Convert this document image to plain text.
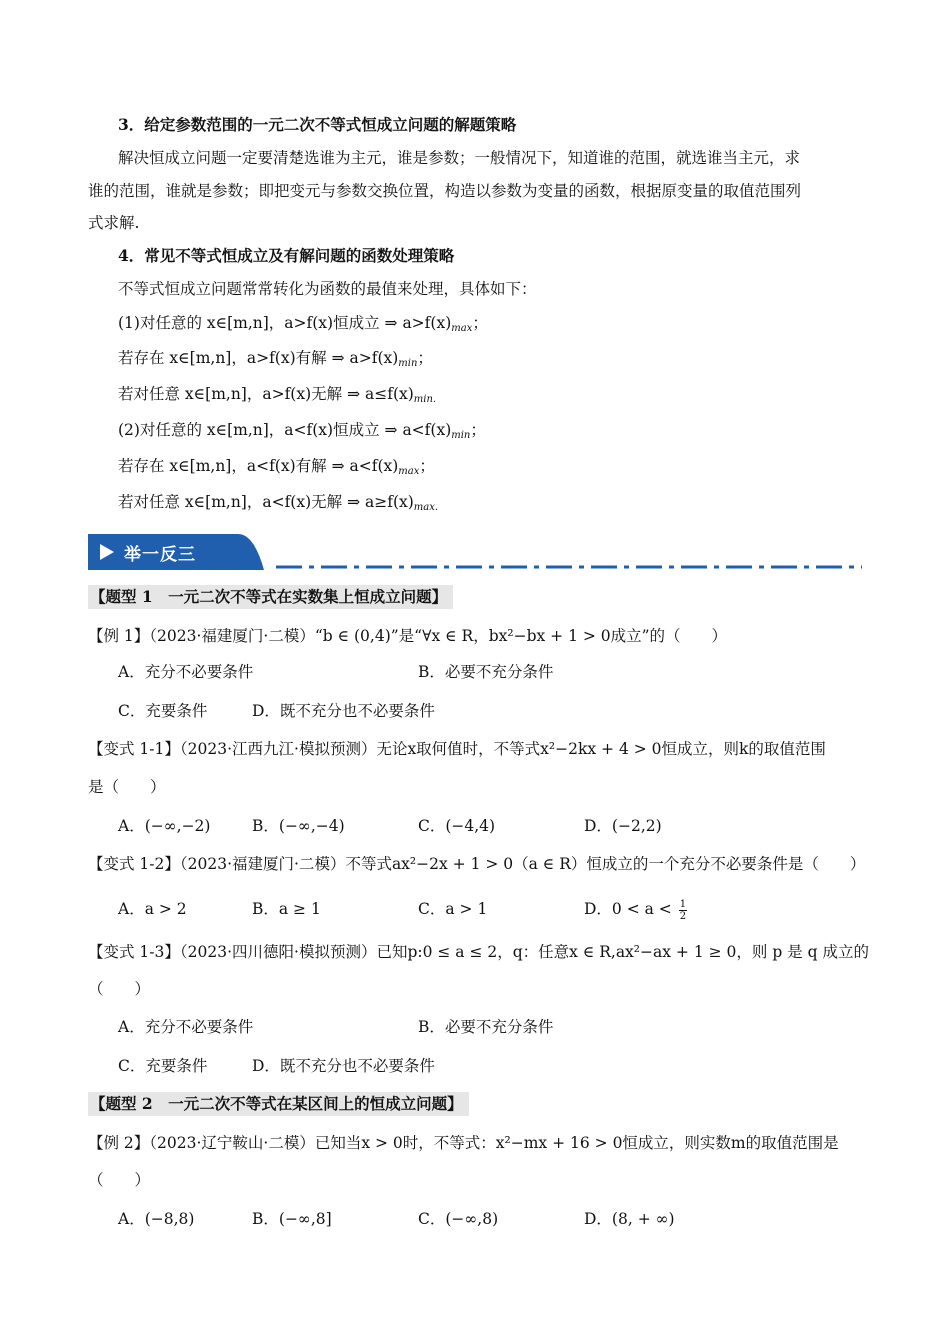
3．给定参数范围的一元二次不等式恒成立问题的解题策略
解决恒成立问题一定要清楚选谁为主元，谁是参数；一般情况下，知道谁的范围，就选谁当主元，求
谁的范围，谁就是参数；即把变元与参数交换位置，构造以参数为变量的函数，根据原变量的取值范围列
式求解.
4．常见不等式恒成立及有解问题的函数处理策略
不等式恒成立问题常常转化为函数的最值来处理，具体如下：
(1)对任意的 x∈[m,n]，a>f(x)恒成立 ⇒ $a>f(x)_{max}$；
若存在 x∈[m,n]，a>f(x)有解 ⇒ $a>f(x)_{min}$；
若对任意 x∈[m,n]，a>f(x)无解 ⇒ $a\le f(x)_{min.}$
(2)对任意的 x∈[m,n]，a<f(x)恒成立 ⇒ $a<f(x)_{min}$；
若存在 x∈[m,n]，a<f(x)有解 ⇒ $a<f(x)_{max}$；
若对任意 x∈[m,n]，a<f(x)无解 ⇒ $a\ge f(x)_{max.}$
举一反三
【题型 1　一元二次不等式在实数集上恒成立问题】
【例 1】（2023·福建厦门·二模）“b ∈ (0,4)”是“∀x ∈ R，bx²−bx + 1 > 0成立”的（　　）
A．充分不必要条件	B．必要不充分条件
C．充要条件	D．既不充分也不必要条件
【变式 1-1】（2023·江西九江·模拟预测）无论x取何值时，不等式x²−2kx + 4 > 0恒成立，则k的取值范围
是（　　）
A．(−∞,−2)	B．(−∞,−4)	C．(−4,4)	D．(−2,2)
【变式 1-2】（2023·福建厦门·二模）不等式ax²−2x + 1 > 0（a ∈ R）恒成立的一个充分不必要条件是（　　）
A．a > 2	B．a ≥ 1	C．a > 1	D．$0 < a < \frac{1}{2}$
【变式 1-3】（2023·四川德阳·模拟预测）已知p:0 ≤ a ≤ 2，q：任意x ∈ R,ax²−ax + 1 ≥ 0，则 p 是 q 成立的
（　　）
A．充分不必要条件	B．必要不充分条件
C．充要条件	D．既不充分也不必要条件
【题型 2　一元二次不等式在某区间上的恒成立问题】
【例 2】（2023·辽宁鞍山·二模）已知当x > 0时，不等式：x²−mx + 16 > 0恒成立，则实数m的取值范围是
（　　）
A．(−8,8)	B．(−∞,8]	C．(−∞,8)	D．(8, + ∞)
